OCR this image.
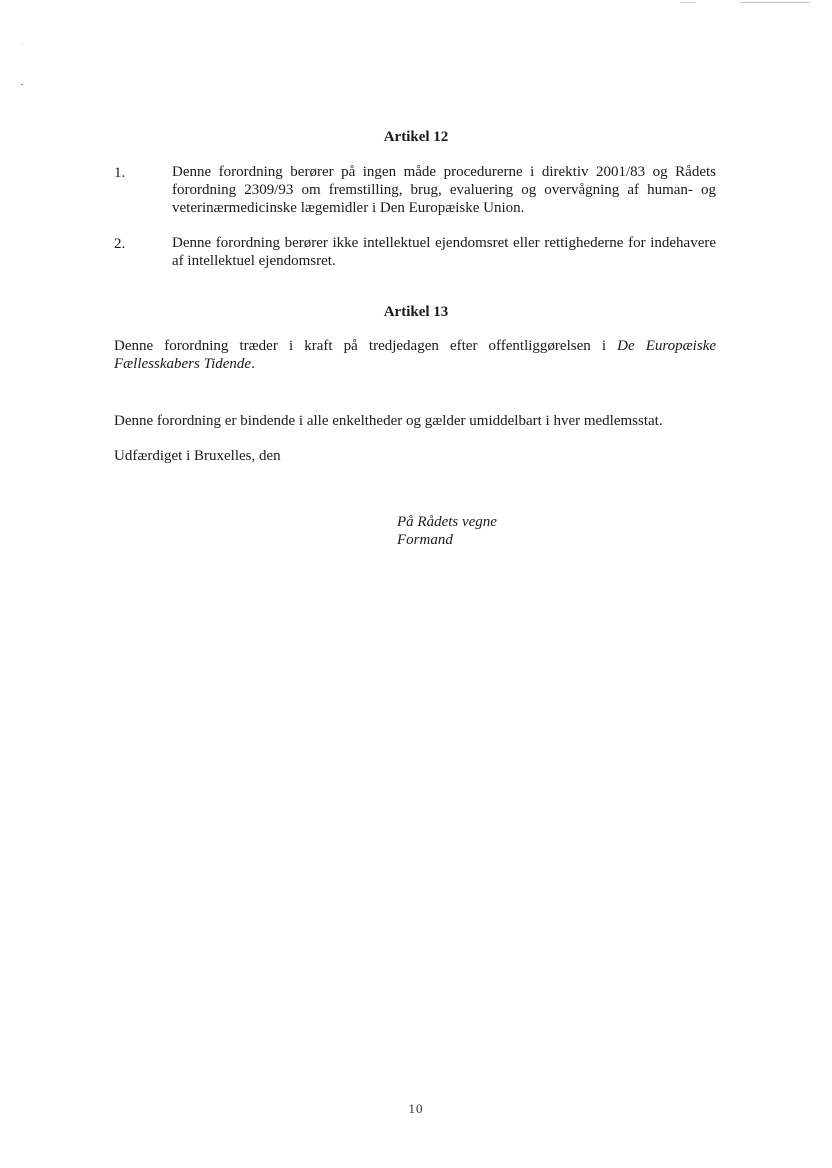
Artikel 12
1.	Denne forordning berører på ingen måde procedurerne i direktiv 2001/83 og Rådets forordning 2309/93 om fremstilling, brug, evaluering og overvågning af human- og veterinærmedicinske lægemidler i Den Europæiske Union.
2.	Denne forordning berører ikke intellektuel ejendomsret eller rettighederne for indehavere af intellektuel ejendomsret.
Artikel 13
Denne forordning træder i kraft på tredjedagen efter offentliggørelsen i De Europæiske Fællesskabers Tidende.
Denne forordning er bindende i alle enkeltheder og gælder umiddelbart i hver medlemsstat.
Udfærdiget i Bruxelles, den
På Rådets vegne
Formand
10
